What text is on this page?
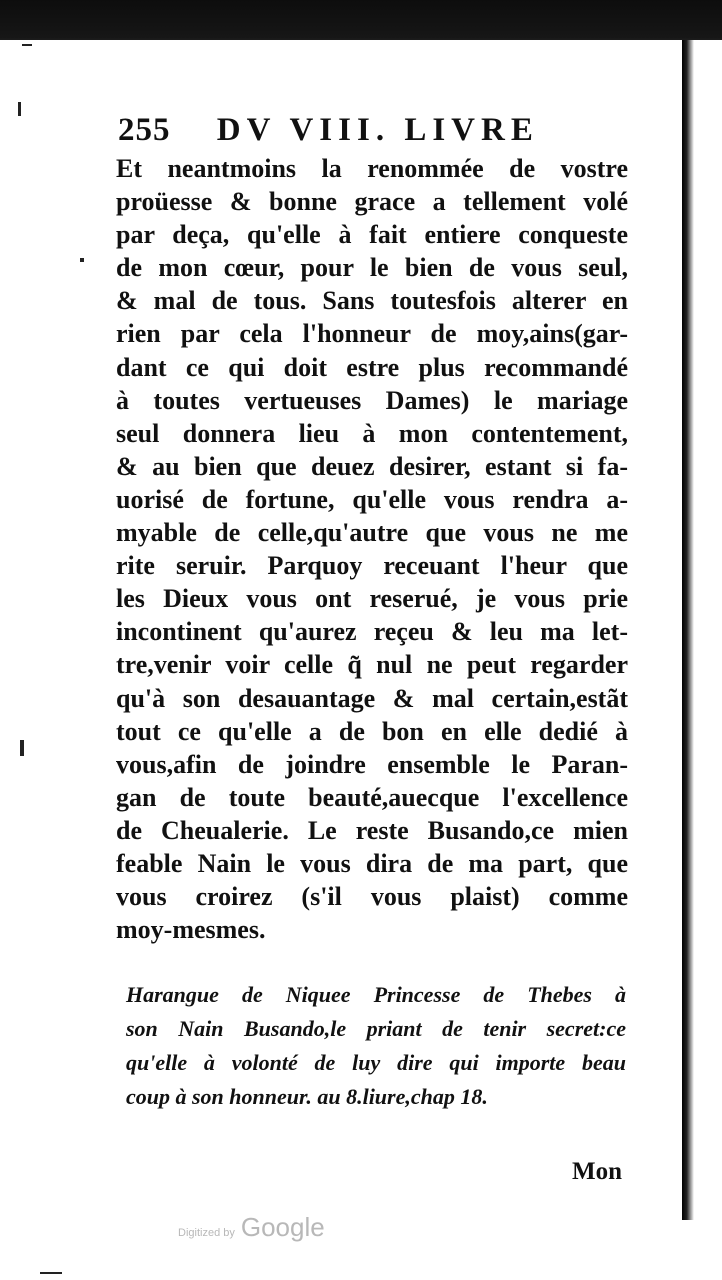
255 DV VIII. LIVRE
Et neantmoins la renommée de vostre
proüesse & bonne grace a tellement volé
par deça, qu'elle à fait entiere conqueste
de mon cœur, pour le bien de vous seul,
& mal de tous. Sans toutesfois alterer en
rien par cela l'honneur de moy,ains(gar-
dant ce qui doit estre plus recommandé
à toutes vertueuses Dames) le mariage
seul donnera lieu à mon contentement,
& au bien que deuez desirer, estant si fa-
uorisé de fortune, qu'elle vous rendra a-
myable de celle,qu'autre que vous ne me
rite seruir. Parquoy receuant l'heur que
les Dieux vous ont reserué, je vous prie
incontinent qu'aurez reçeu & leu ma let-
tre,venir voir celle q̃ nul ne peut regarder
qu'à son desauantage & mal certain,estãt
tout ce qu'elle a de bon en elle dedié à
vous,afin de joindre ensemble le Paran-
gan de toute beauté,auecque l'excellence
de Cheualerie. Le reste Busando,ce mien
feable Nain le vous dira de ma part, que
vous croirez (s'il vous plaist) comme
moy-mesmes.
Harangue de Niquee Princesse de Thebes à
son Nain Busando,le priant de tenir secret:ce
qu'elle à volonté de luy dire qui importe beau
coup à son honneur. au 8.liure,chap 18.
Mon
Digitized by Google
